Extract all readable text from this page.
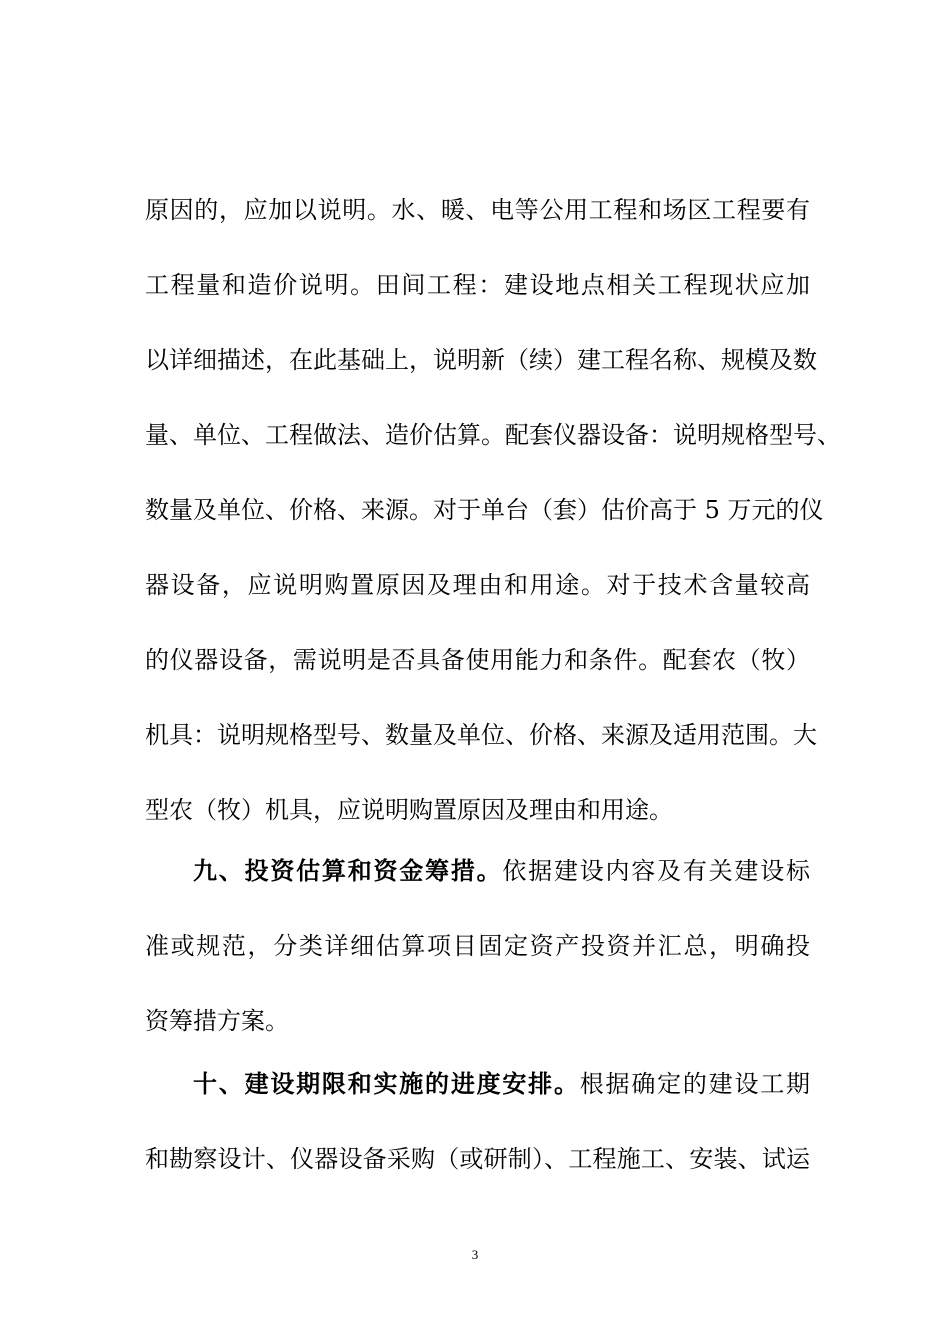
原因的，应加以说明。水、暖、电等公用工程和场区工程要有
工程量和造价说明。田间工程：建设地点相关工程现状应加
以详细描述，在此基础上，说明新（续）建工程名称、规模及数
量、单位、工程做法、造价估算。配套仪器设备：说明规格型号、
数量及单位、价格、来源。对于单台（套）估价高于 5 万元的仪
器设备，应说明购置原因及理由和用途。对于技术含量较高
的仪器设备，需说明是否具备使用能力和条件。配套农（牧）
机具：说明规格型号、数量及单位、价格、来源及适用范围。大
型农（牧）机具，应说明购置原因及理由和用途。
九、投资估算和资金筹措。依据建设内容及有关建设标
准或规范，分类详细估算项目固定资产投资并汇总，明确投
资筹措方案。
十、建设期限和实施的进度安排。根据确定的建设工期
和勘察设计、仪器设备采购（或研制）、工程施工、安装、试运
3
